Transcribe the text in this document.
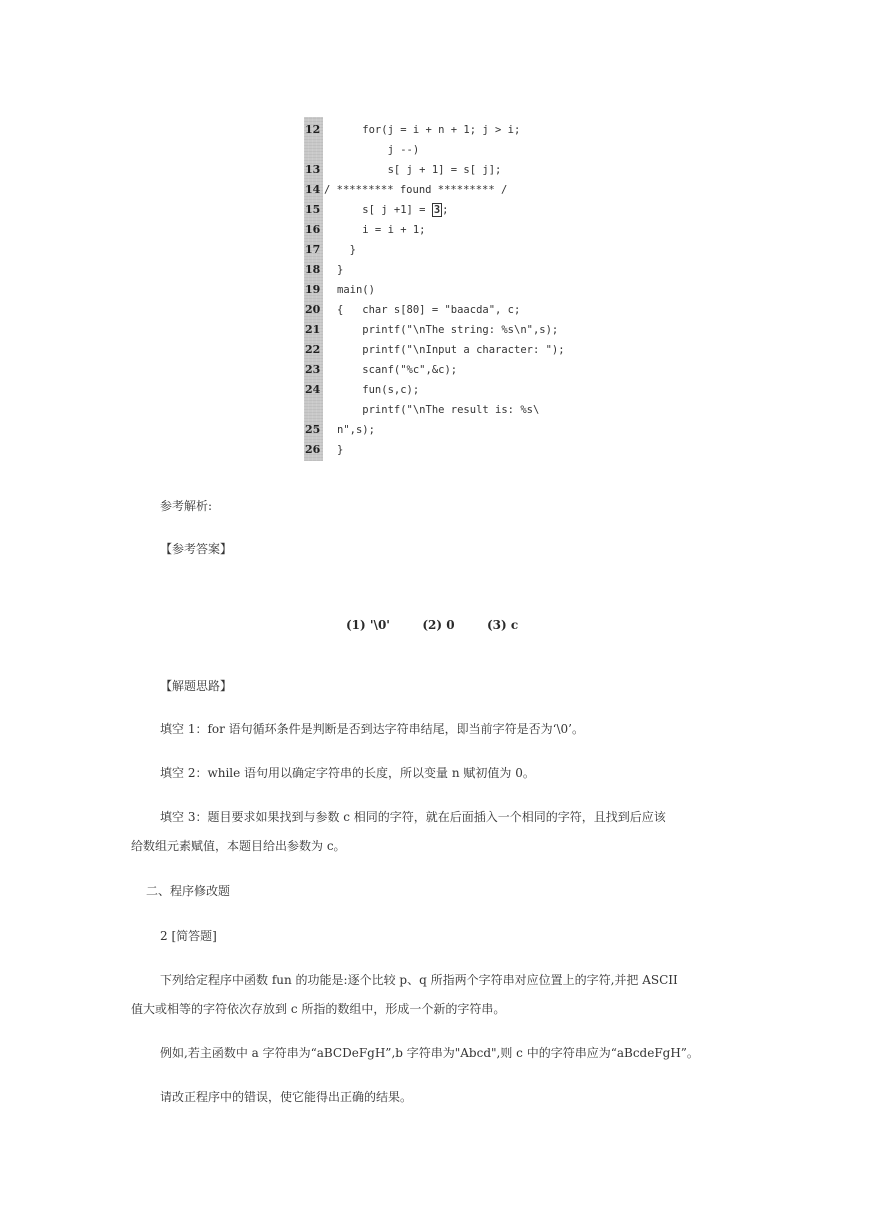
12

for(j = i + n + 1; j > i;

j --)

13

s[ j + 1] = s[ j];

14

/ ********* found ********* /

15

s[ j +1] = 3 ;

16

i = i + 1;

17

}

18

}

19

main()

20

{   char s[80] = "baacda", c;

21

printf("\nThe string: %s\n",s);

22

printf("\nInput a character: ");

23

scanf("%c",&c);

24

fun(s,c);

printf("\nThe result is: %s\

25

n",s);

26

}

参考解析:
【参考答案】
(1) '\0'	(2) 0	(3) c
【解题思路】
填空 1：for 语句循环条件是判断是否到达字符串结尾，即当前字符是否为‘\0’。
填空 2：while 语句用以确定字符串的长度，所以变量 n 赋初值为 0。
填空 3：题目要求如果找到与参数 c 相同的字符，就在后面插入一个相同的字符，且找到后应该
给数组元素赋值，本题目给出参数为 c。
二、程序修改题
2 [简答题]
下列给定程序中函数 fun 的功能是:逐个比较 p、q 所指两个字符串对应位置上的字符,并把 ASCII
值大或相等的字符依次存放到 c 所指的数组中，形成一个新的字符串。
例如,若主函数中 a 字符串为“aBCDeFgH”,b 字符串为"Abcd",则 c 中的字符串应为“aBcdeFgH”。
请改正程序中的错误，使它能得出正确的结果。
